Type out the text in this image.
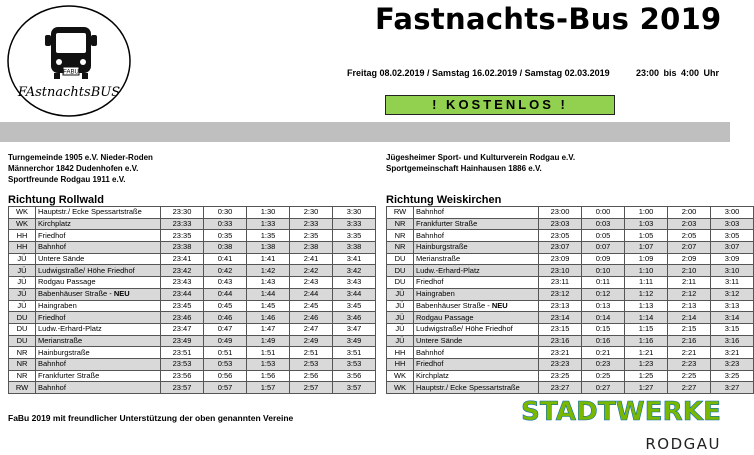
FABU
FAstnachtsBUS
Fastnachts-Bus 2019
Freitag 08.02.2019 / Samstag 16.02.2019 / Samstag 02.03.2019	23:00 bis 4:00 Uhr
! KOSTENLOS !
Turngemeinde 1905 e.V. Nieder-Roden
Männerchor 1842 Dudenhofen e.V.
Sportfreunde Rodgau 1911 e.V.
Jügesheimer Sport- und Kulturverein Rodgau e.V.
Sportgemeinschaft Hainhausen 1886 e.V.
Richtung Rollwald	Richtung Weiskirchen
WK	Hauptstr./ Ecke Spessartstraße	23:30	0:30	1:30	2:30	3:30
WK	Kirchplatz	23:33	0:33	1:33	2:33	3:33
HH	Friedhof	23:35	0:35	1:35	2:35	3:35
HH	Bahnhof	23:38	0:38	1:38	2:38	3:38
JÜ	Untere Sände	23:41	0:41	1:41	2:41	3:41
JÜ	Ludwigstraße/ Höhe Friedhof	23:42	0:42	1:42	2:42	3:42
JÜ	Rodgau Passage	23:43	0:43	1:43	2:43	3:43
JÜ	Babenhäuser Straße - NEU	23:44	0:44	1:44	2:44	3:44
JÜ	Haingraben	23:45	0:45	1:45	2:45	3:45
DU	Friedhof	23:46	0:46	1:46	2:46	3:46
DU	Ludw.-Erhard-Platz	23:47	0:47	1:47	2:47	3:47
DU	Merianstraße	23:49	0:49	1:49	2:49	3:49
NR	Hainburgstraße	23:51	0:51	1:51	2:51	3:51
NR	Bahnhof	23:53	0:53	1:53	2:53	3:53
NR	Frankfurter Straße	23:56	0:56	1:56	2:56	3:56
RW	Bahnhof	23:57	0:57	1:57	2:57	3:57
RW	Bahnhof	23:00	0:00	1:00	2:00	3:00
NR	Frankfurter Straße	23:03	0:03	1:03	2:03	3:03
NR	Bahnhof	23:05	0:05	1:05	2:05	3:05
NR	Hainburgstraße	23:07	0:07	1:07	2:07	3:07
DU	Merianstraße	23:09	0:09	1:09	2:09	3:09
DU	Ludw.-Erhard-Platz	23:10	0:10	1:10	2:10	3:10
DU	Friedhof	23:11	0:11	1:11	2:11	3:11
JÜ	Haingraben	23:12	0:12	1:12	2:12	3:12
JÜ	Babenhäuser Straße - NEU	23:13	0:13	1:13	2:13	3:13
JÜ	Rodgau Passage	23:14	0:14	1:14	2:14	3:14
JÜ	Ludwigstraße/ Höhe Friedhof	23:15	0:15	1:15	2:15	3:15
JÜ	Untere Sände	23:16	0:16	1:16	2:16	3:16
HH	Bahnhof	23:21	0:21	1:21	2:21	3:21
HH	Friedhof	23:23	0:23	1:23	2:23	3:23
WK	Kirchplatz	23:25	0:25	1:25	2:25	3:25
WK	Hauptstr./ Ecke Spessartstraße	23:27	0:27	1:27	2:27	3:27
FaBu 2019 mit freundlicher Unterstützung der oben genannten Vereine	STADTWERKE
RODGAU
